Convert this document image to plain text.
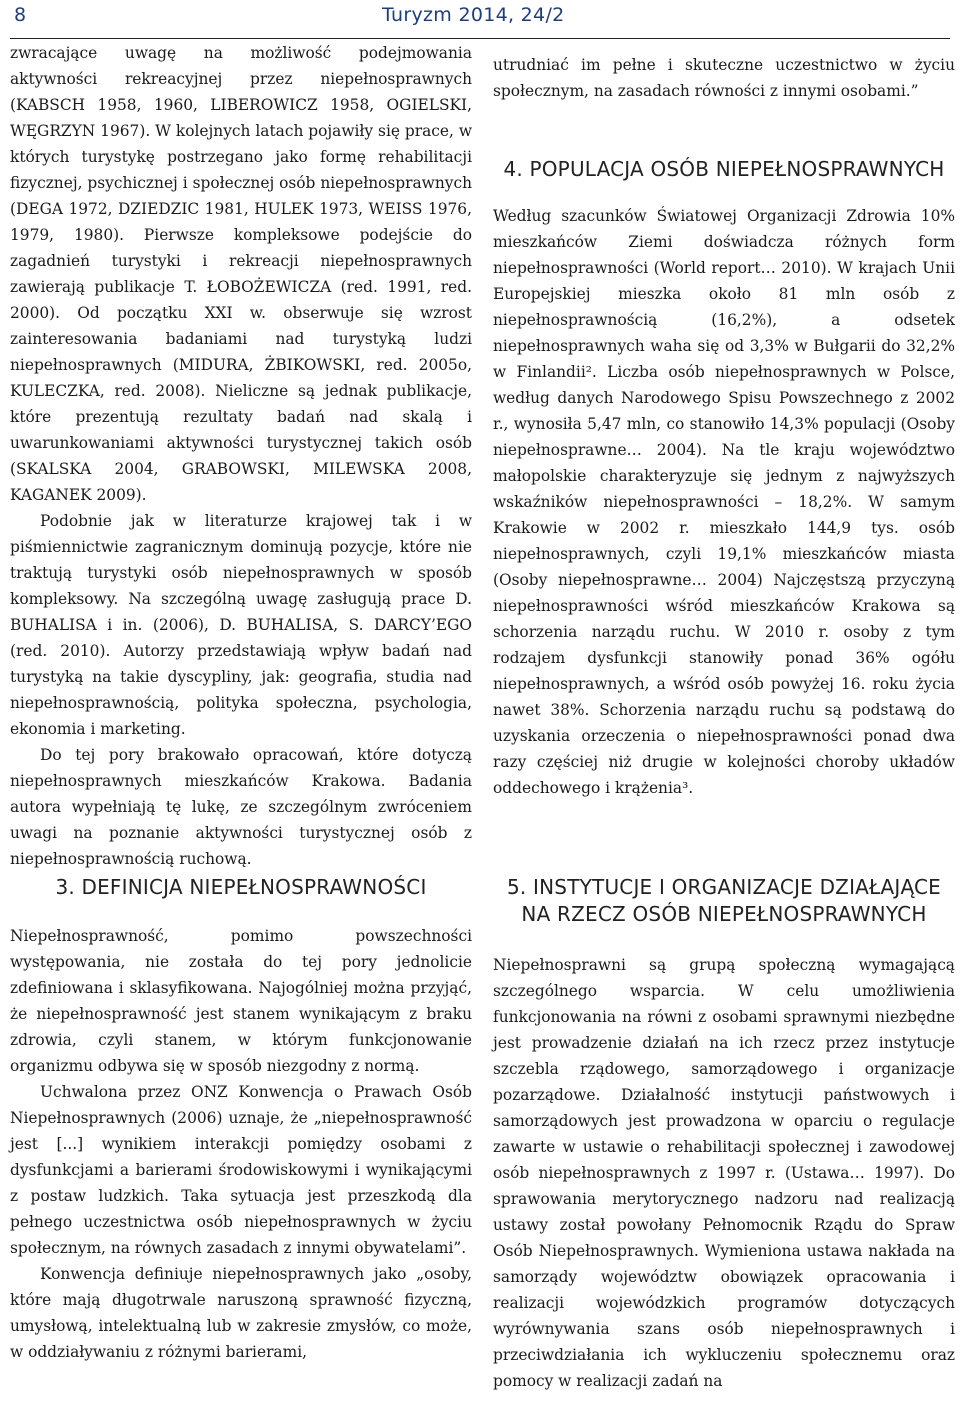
8	Turyzm 2014, 24/2

zwracające uwagę na możliwość podejmowania aktywności rekreacyjnej przez niepełnosprawnych (KABSCH 1958, 1960, LIBEROWICZ 1958, OGIELSKI, WĘGRZYN 1967). W kolejnych latach pojawiły się prace, w których turystykę postrzegano jako formę rehabilitacji fizycznej, psychicznej i społecznej osób niepełnosprawnych (DEGA 1972, DZIEDZIC 1981, HULEK 1973, WEISS 1976, 1979, 1980). Pierwsze kompleksowe podejście do zagadnień turystyki i rekreacji niepełnosprawnych zawierają publikacje T. ŁOBOŻEWICZA (red. 1991, red. 2000). Od początku XXI w. obserwuje się wzrost zainteresowania badaniami nad turystyką ludzi niepełnosprawnych (MIDURA, ŻBIKOWSKI, red. 2005o, KULECZKA, red. 2008). Nieliczne są jednak publikacje, które prezentują rezultaty badań nad skalą i uwarunkowaniami aktywności turystycznej takich osób (SKALSKA 2004, GRABOWSKI, MILEWSKA 2008, KAGANEK 2009).

Podobnie jak w literaturze krajowej tak i w piśmiennictwie zagranicznym dominują pozycje, które nie traktują turystyki osób niepełnosprawnych w sposób kompleksowy. Na szczególną uwagę zasługują prace D. BUHALISA i in. (2006), D. BUHALISA, S. DARCY’EGO (red. 2010). Autorzy przedstawiają wpływ badań nad turystyką na takie dyscypliny, jak: geografia, studia nad niepełnosprawnością, polityka społeczna, psychologia, ekonomia i marketing.

Do tej pory brakowało opracowań, które dotyczą niepełnosprawnych mieszkańców Krakowa. Badania autora wypełniają tę lukę, ze szczególnym zwróceniem uwagi na poznanie aktywności turystycznej osób z niepełnosprawnością ruchową.

utrudniać im pełne i skuteczne uczestnictwo w życiu społecznym, na zasadach równości z innymi osobami.”

4. POPULACJA OSÓB NIEPEŁNOSPRAWNYCH

Według szacunków Światowej Organizacji Zdrowia 10% mieszkańców Ziemi doświadcza różnych form niepełnosprawności (World report… 2010). W krajach Unii Europejskiej mieszka około 81 mln osób z niepełnosprawnością (16,2%), a odsetek niepełnosprawnych waha się od 3,3% w Bułgarii do 32,2% w Finlandii². Liczba osób niepełnosprawnych w Polsce, według danych Narodowego Spisu Powszechnego z 2002 r., wynosiła 5,47 mln, co stanowiło 14,3% populacji (Osoby niepełnosprawne… 2004). Na tle kraju województwo małopolskie charakteryzuje się jednym z najwyższych wskaźników niepełnosprawności – 18,2%. W samym Krakowie w 2002 r. mieszkało 144,9 tys. osób niepełnosprawnych, czyli 19,1% mieszkańców miasta (Osoby niepełnosprawne… 2004) Najczęstszą przyczyną niepełnosprawności wśród mieszkańców Krakowa są schorzenia narządu ruchu. W 2010 r. osoby z tym rodzajem dysfunkcji stanowiły ponad 36% ogółu niepełnosprawnych, a wśród osób powyżej 16. roku życia nawet 38%. Schorzenia narządu ruchu są podstawą do uzyskania orzeczenia o niepełnosprawności ponad dwa razy częściej niż drugie w kolejności choroby układów oddechowego i krążenia³.

3. DEFINICJA NIEPEŁNOSPRAWNOŚCI

Niepełnosprawność, pomimo powszechności występowania, nie została do tej pory jednolicie zdefiniowana i sklasyfikowana. Najogólniej można przyjąć, że niepełnosprawność jest stanem wynikającym z braku zdrowia, czyli stanem, w którym funkcjonowanie organizmu odbywa się w sposób niezgodny z normą.

Uchwalona przez ONZ Konwencja o Prawach Osób Niepełnosprawnych (2006) uznaje, że „niepełnosprawność jest [...] wynikiem interakcji pomiędzy osobami z dysfunkcjami a barierami środowiskowymi i wynikającymi z postaw ludzkich. Taka sytuacja jest przeszkodą dla pełnego uczestnictwa osób niepełnosprawnych w życiu społecznym, na równych zasadach z innymi obywatelami”.

Konwencja definiuje niepełnosprawnych jako „osoby, które mają długotrwale naruszoną sprawność fizyczną, umysłową, intelektualną lub w zakresie zmysłów, co może, w oddziaływaniu z różnymi barierami,

5. INSTYTUCJE I ORGANIZACJE DZIAŁAJĄCE NA RZECZ OSÓB NIEPEŁNOSPRAWNYCH

Niepełnosprawni są grupą społeczną wymagającą szczególnego wsparcia. W celu umożliwienia funkcjonowania na równi z osobami sprawnymi niezbędne jest prowadzenie działań na ich rzecz przez instytucje szczebla rządowego, samorządowego i organizacje pozarządowe. Działalność instytucji państwowych i samorządowych jest prowadzona w oparciu o regulacje zawarte w ustawie o rehabilitacji społecznej i zawodowej osób niepełnosprawnych z 1997 r. (Ustawa… 1997). Do sprawowania merytorycznego nadzoru nad realizacją ustawy został powołany Pełnomocnik Rządu do Spraw Osób Niepełnosprawnych. Wymieniona ustawa nakłada na samorządy województw obowiązek opracowania i realizacji wojewódzkich programów dotyczących wyrównywania szans osób niepełnosprawnych i przeciwdziałania ich wykluczeniu społecznemu oraz pomocy w realizacji zadań na
